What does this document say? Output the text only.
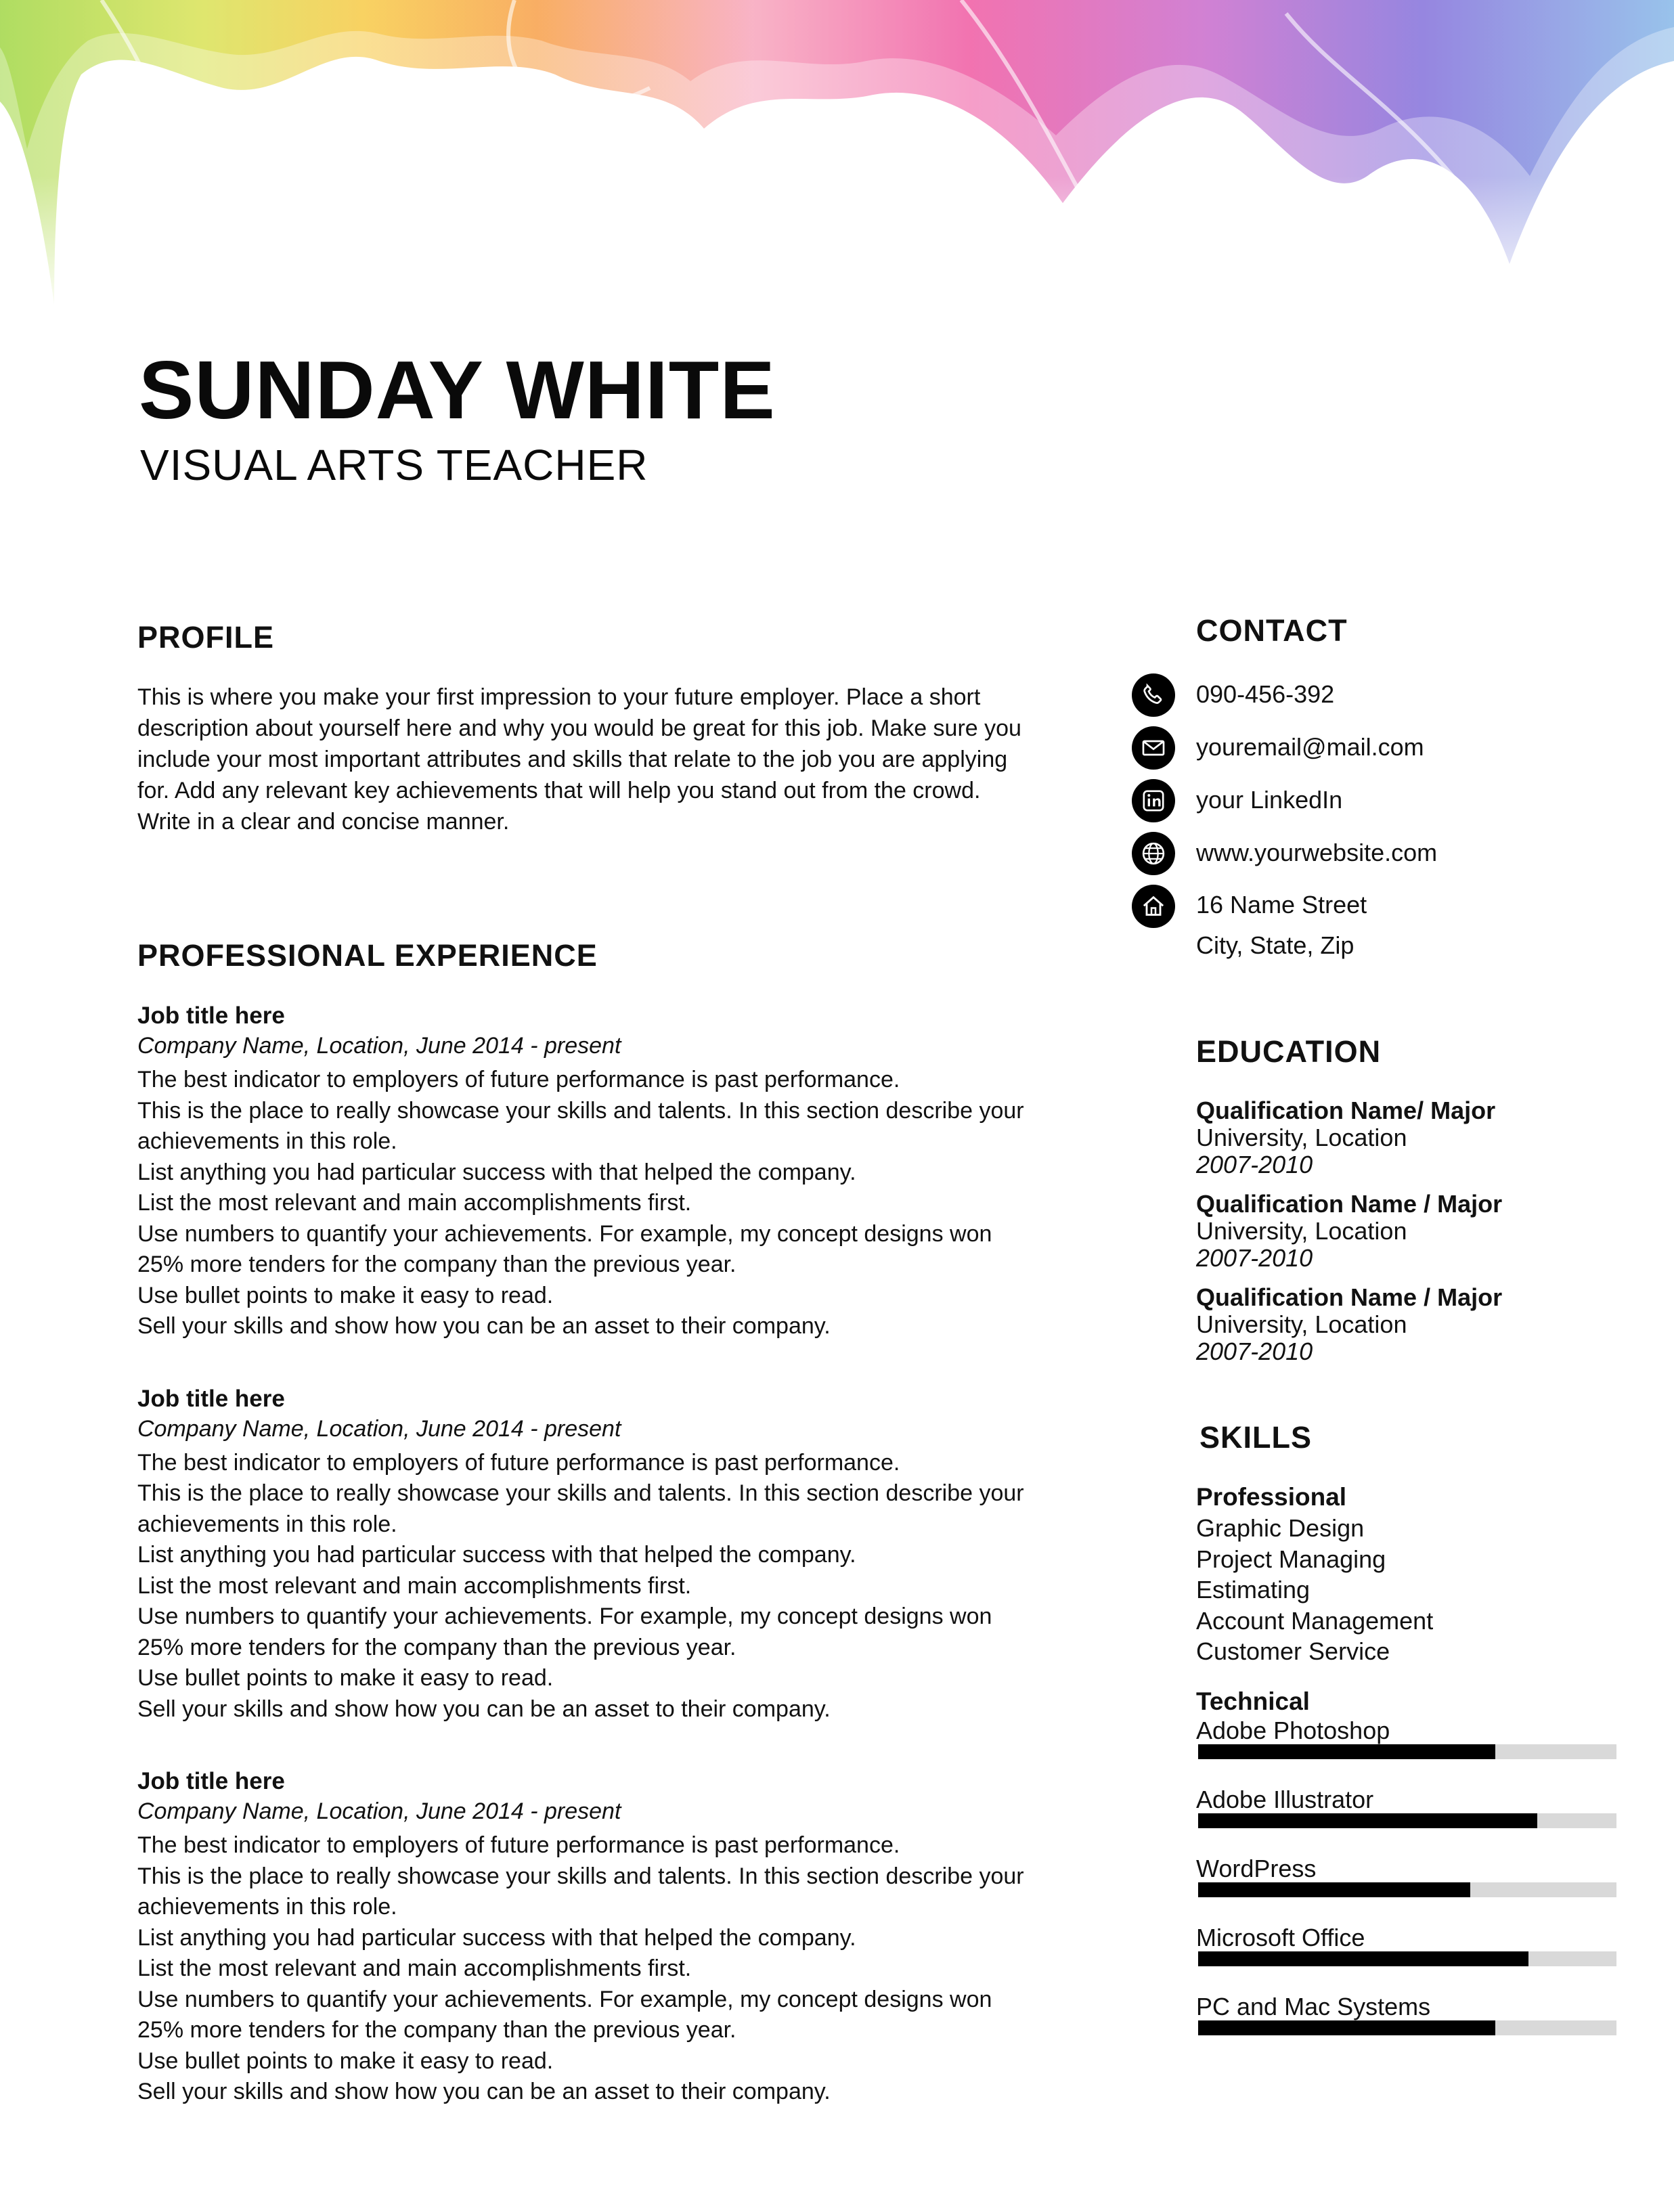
SUNDAY WHITE
VISUAL ARTS TEACHER
PROFILE

This is where you make your first impression to your future employer. Place a short description about yourself here and why you would be great for this job. Make sure you include your most important attributes and skills that relate to the job you are applying for. Add any relevant key achievements that will help you stand out from the crowd. Write in a clear and concise manner.

PROFESSIONAL EXPERIENCE

Job title here

Company Name, Location, June 2014 - present

The best indicator to employers of future performance is past performance.
This is the place to really showcase your skills and talents. In this section describe your achievements in this role.
List anything you had particular success with that helped the company.
List the most relevant and main accomplishments first.
Use numbers to quantify your achievements. For example, my concept designs won 25% more tenders for the company than the previous year.
Use bullet points to make it easy to read.
Sell your skills and show how you can be an asset to their company.

Job title here

Company Name, Location, June 2014 - present

The best indicator to employers of future performance is past performance.
This is the place to really showcase your skills and talents. In this section describe your achievements in this role.
List anything you had particular success with that helped the company.
List the most relevant and main accomplishments first.
Use numbers to quantify your achievements. For example, my concept designs won 25% more tenders for the company than the previous year.
Use bullet points to make it easy to read.
Sell your skills and show how you can be an asset to their company.

Job title here

Company Name, Location, June 2014 - present

The best indicator to employers of future performance is past performance.
This is the place to really showcase your skills and talents. In this section describe your achievements in this role.
List anything you had particular success with that helped the company.
List the most relevant and main accomplishments first.
Use numbers to quantify your achievements. For example, my concept designs won 25% more tenders for the company than the previous year.
Use bullet points to make it easy to read.
Sell your skills and show how you can be an asset to their company.
CONTACT
090-456-392
youremail@mail.com
your LinkedIn
www.yourwebsite.com
16 Name Street
City, State, Zip
EDUCATION

Qualification Name/ Major

University, Location

2007-2010

Qualification Name / Major

University, Location

2007-2010

Qualification Name / Major

University, Location

2007-2010

SKILLS

Professional

Graphic Design
Project Managing
Estimating
Account Management
Customer Service

Technical

Adobe Photoshop

Adobe Illustrator

WordPress

Microsoft Office

PC and Mac Systems
